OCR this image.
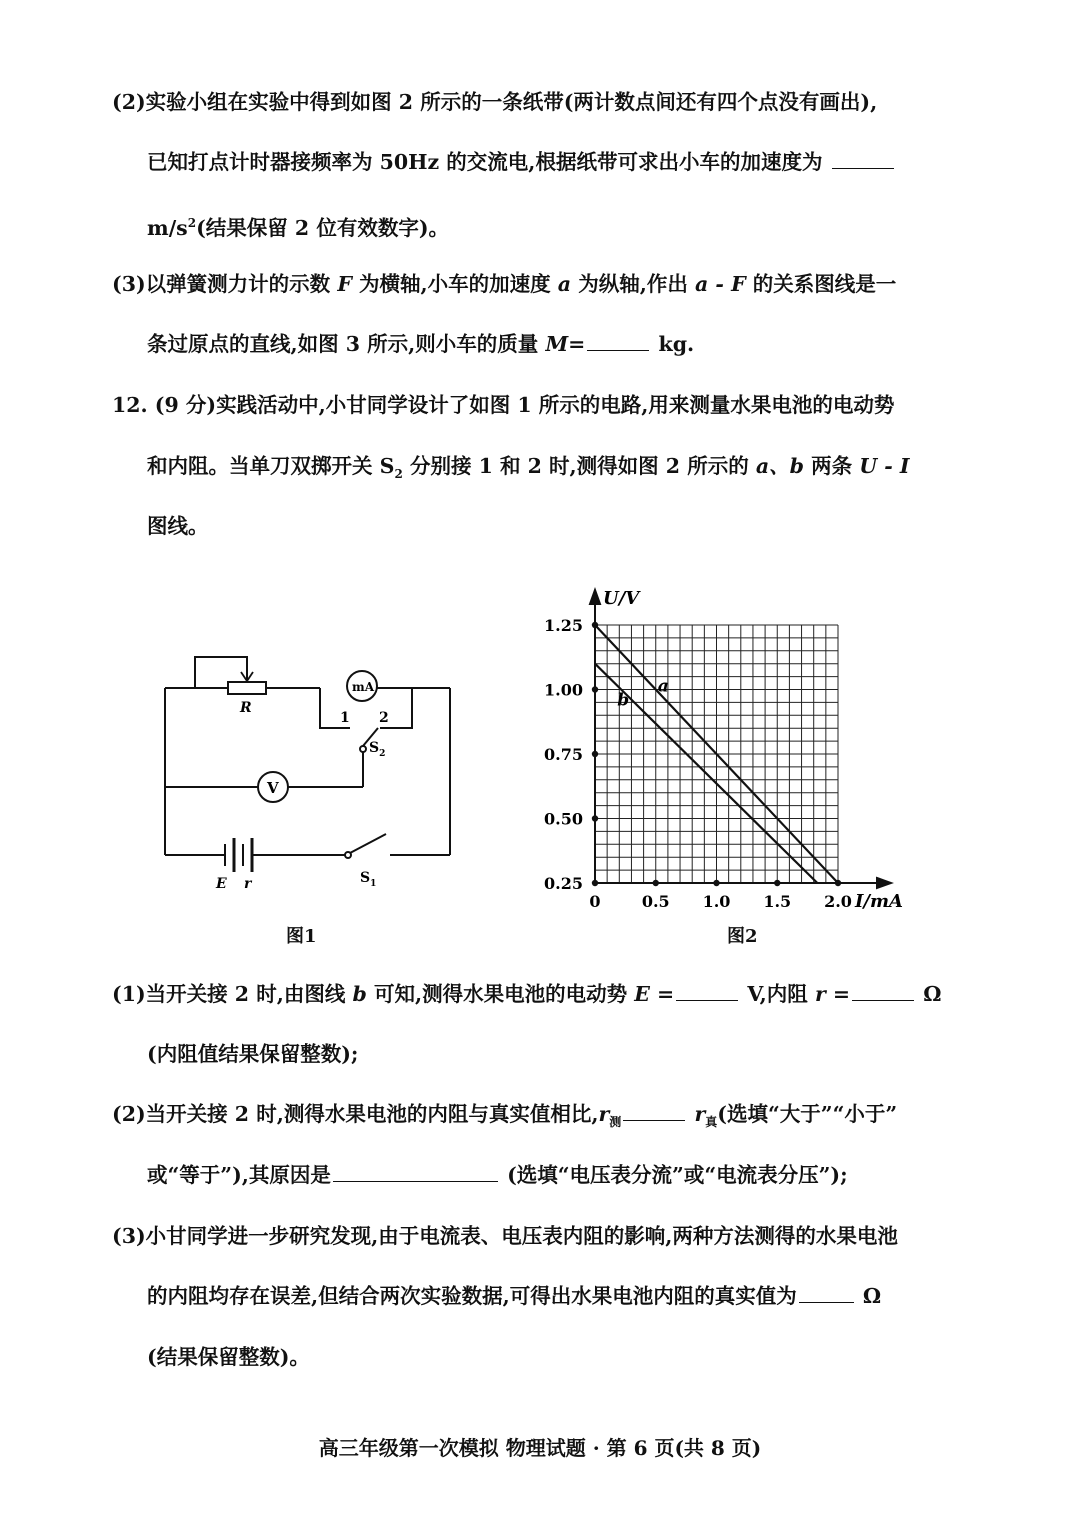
(2)实验小组在实验中得到如图 2 所示的一条纸带(两计数点间还有四个点没有画出),
已知打点计时器接频率为 50Hz 的交流电,根据纸带可求出小车的加速度为
$m/s^2$(结果保留 2 位有效数字)。
(3)以弹簧测力计的示数 F 为横轴,小车的加速度 a 为纵轴,作出 a - F 的关系图线是一
条过原点的直线,如图 3 所示,则小车的质量 M=	kg.
12. (9 分)实践活动中,小甘同学设计了如图 1 所示的电路,用来测量水果电池的电动势
和内阻。当单刀双掷开关 $S_2$ 分别接 1 和 2 时,测得如图 2 所示的 a、b 两条 U - I
图线。
R
mA
V
1 2
$S_2$
$S_1$
E r
图1
1.25
1.00
0.75
0.50
0.25
0	0.5 1.0 1.5 2.0
U/V
I/mA
a
b
图2
(1)当开关接 2 时,由图线 b 可知,测得水果电池的电动势 E =	V,内阻 r =	Ω
(内阻值结果保留整数);
(2)当开关接 2 时,测得水果电池的内阻与真实值相比$,r_测$	$r_真$(选填“大于”“小于”
或“等于”),其原因是	(选填“电压表分流”或“电流表分压”);
(3)小甘同学进一步研究发现,由于电流表、电压表内阻的影响,两种方法测得的水果电池
的内阻均存在误差,但结合两次实验数据,可得出水果电池内阻的真实值为	Ω
(结果保留整数)。
高三年级第一次模拟 物理试题 · 第 6 页(共 8 页)
